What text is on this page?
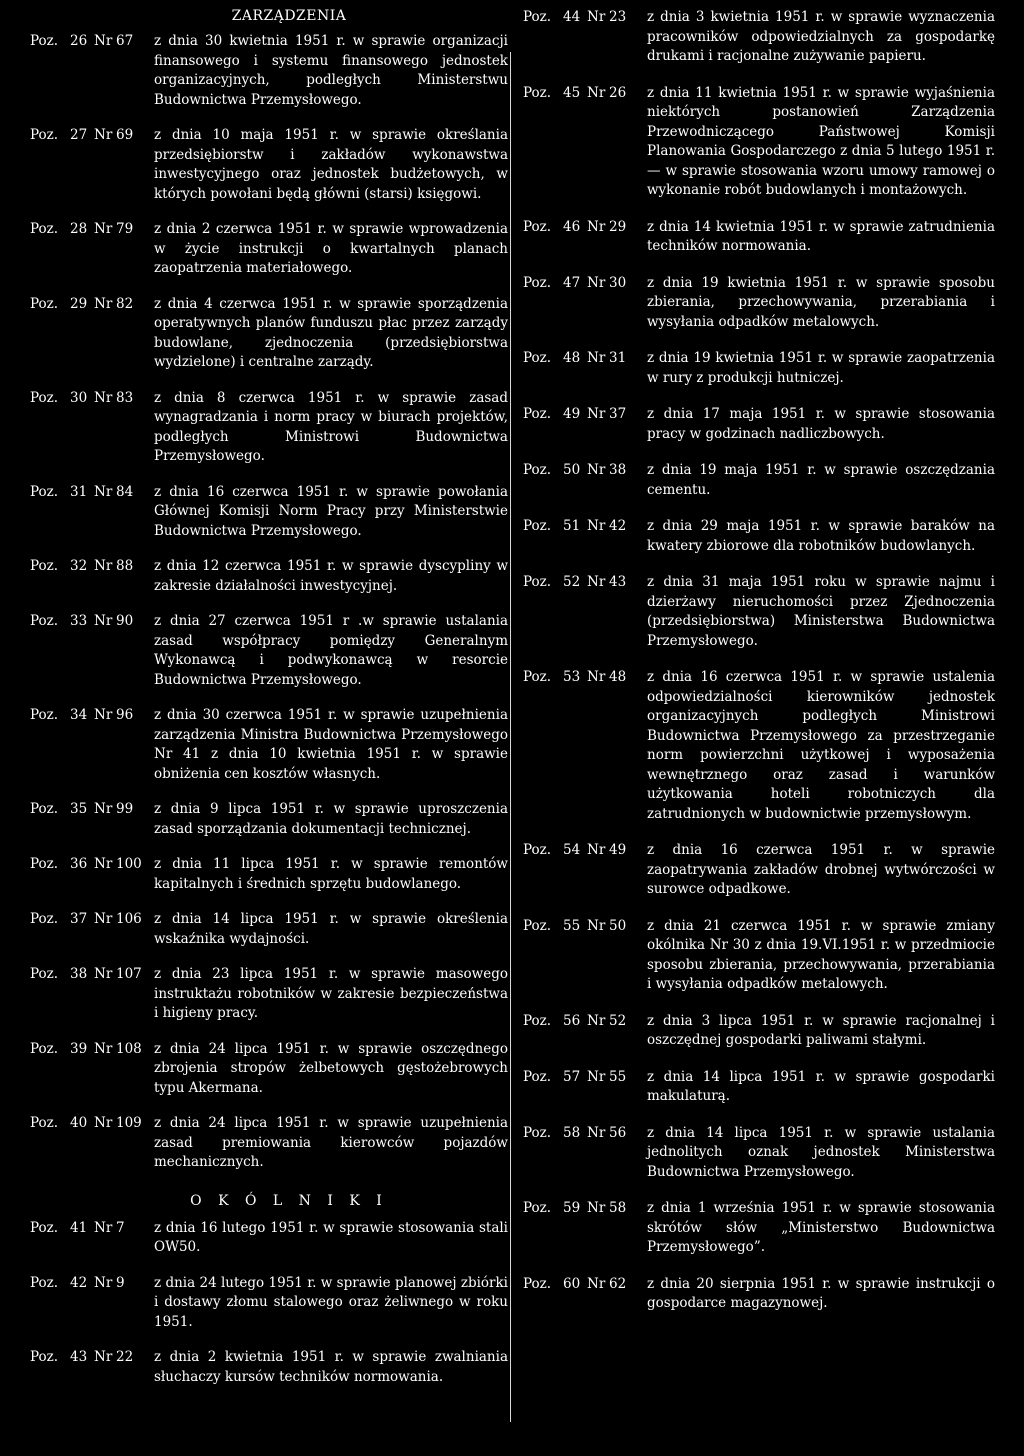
ZARZĄDZENIA
Poz. 26 Nr 67	z dnia 30 kwietnia 1951 r. w sprawie organizacji finansowego i systemu finansowego jednostek organizacyjnych, podległych Ministerstwu Budownictwa Przemysłowego.
Poz. 27 Nr 69	z dnia 10 maja 1951 r. w sprawie określania przedsiębiorstw i zakładów wykonawstwa inwestycyjnego oraz jednostek budżetowych, w których powołani będą główni (starsi) księgowi.
Poz. 28 Nr 79	z dnia 2 czerwca 1951 r. w sprawie wprowadzenia w życie instrukcji o kwartalnych planach zaopatrzenia materiałowego.
Poz. 29 Nr 82	z dnia 4 czerwca 1951 r. w sprawie sporządzenia operatywnych planów funduszu płac przez zarządy budowlane, zjednoczenia (przedsiębiorstwa wydzielone) i centralne zarządy.
Poz. 30 Nr 83	z dnia 8 czerwca 1951 r. w sprawie zasad wynagradzania i norm pracy w biurach projektów, podległych Ministrowi Budownictwa Przemysłowego.
Poz. 31 Nr 84	z dnia 16 czerwca 1951 r. w sprawie powołania Głównej Komisji Norm Pracy przy Ministerstwie Budownictwa Przemysłowego.
Poz. 32 Nr 88	z dnia 12 czerwca 1951 r. w sprawie dyscypliny w zakresie działalności inwestycyjnej.
Poz. 33 Nr 90	z dnia 27 czerwca 1951 r .w sprawie ustalania zasad współpracy pomiędzy Generalnym Wykonawcą i podwykonawcą w resorcie Budownictwa Przemysłowego.
Poz. 34 Nr 96	z dnia 30 czerwca 1951 r. w sprawie uzupełnienia zarządzenia Ministra Budownictwa Przemysłowego Nr 41 z dnia 10 kwietnia 1951 r. w sprawie obniżenia cen kosztów własnych.
Poz. 35 Nr 99	z dnia 9 lipca 1951 r. w sprawie uproszczenia zasad sporządzania dokumentacji technicznej.
Poz. 36 Nr 100 z dnia 11 lipca 1951 r. w sprawie remontów kapitalnych i średnich sprzętu budowlanego.
Poz. 37 Nr 106 z dnia 14 lipca 1951 r. w sprawie określenia wskaźnika wydajności.
Poz. 38 Nr 107 z dnia 23 lipca 1951 r. w sprawie masowego instruktażu robotników w zakresie bezpieczeństwa i higieny pracy.
Poz. 39 Nr 108 z dnia 24 lipca 1951 r. w sprawie oszczędnego zbrojenia stropów żelbetowych gęstożebrowych typu Akermana.
Poz. 40 Nr 109 z dnia 24 lipca 1951 r. w sprawie uzupełnienia zasad premiowania kierowców pojazdów mechanicznych.
O K Ó L N I K I
Poz. 41 Nr 7	z dnia 16 lutego 1951 r. w sprawie stosowania stali OW50.
Poz. 42 Nr 9	z dnia 24 lutego 1951 r. w sprawie planowej zbiórki i dostawy złomu stalowego oraz żeliwnego w roku 1951.
Poz. 43 Nr 22	z dnia 2 kwietnia 1951 r. w sprawie zwalniania słuchaczy kursów techników normowania.
Poz. 44 Nr 23	z dnia 3 kwietnia 1951 r. w sprawie wyznaczenia pracowników odpowiedzialnych za gospodarkę drukami i racjonalne zużywanie papieru.
Poz. 45 Nr 26	z dnia 11 kwietnia 1951 r. w sprawie wyjaśnienia niektórych postanowień Zarządzenia Przewodniczącego Państwowej Komisji Planowania Gospodarczego z dnia 5 lutego 1951 r. — w sprawie stosowania wzoru umowy ramowej o wykonanie robót budowlanych i montażowych.
Poz. 46 Nr 29	z dnia 14 kwietnia 1951 r. w sprawie zatrudnienia techników normowania.
Poz. 47 Nr 30	z dnia 19 kwietnia 1951 r. w sprawie sposobu zbierania, przechowywania, przerabiania i wysyłania odpadków metalowych.
Poz. 48 Nr 31	z dnia 19 kwietnia 1951 r. w sprawie zaopatrzenia w rury z produkcji hutniczej.
Poz. 49 Nr 37	z dnia 17 maja 1951 r. w sprawie stosowania pracy w godzinach nadliczbowych.
Poz. 50 Nr 38	z dnia 19 maja 1951 r. w sprawie oszczędzania cementu.
Poz. 51 Nr 42	z dnia 29 maja 1951 r. w sprawie baraków na kwatery zbiorowe dla robotników budowlanych.
Poz. 52 Nr 43	z dnia 31 maja 1951 roku w sprawie najmu i dzierżawy nieruchomości przez Zjednoczenia (przedsiębiorstwa) Ministerstwa Budownictwa Przemysłowego.
Poz. 53 Nr 48	z dnia 16 czerwca 1951 r. w sprawie ustalenia odpowiedzialności kierowników jednostek organizacyjnych podległych Ministrowi Budownictwa Przemysłowego za przestrzeganie norm powierzchni użytkowej i wyposażenia wewnętrznego oraz zasad i warunków użytkowania hoteli robotniczych dla zatrudnionych w budownictwie przemysłowym.
Poz. 54 Nr 49	z dnia 16 czerwca 1951 r. w sprawie zaopatrywania zakładów drobnej wytwórczości w surowce odpadkowe.
Poz. 55 Nr 50	z dnia 21 czerwca 1951 r. w sprawie zmiany okólnika Nr 30 z dnia 19.VI.1951 r. w przedmiocie sposobu zbierania, przechowywania, przerabiania i wysyłania odpadków metalowych.
Poz. 56 Nr 52	z dnia 3 lipca 1951 r. w sprawie racjonalnej i oszczędnej gospodarki paliwami stałymi.
Poz. 57 Nr 55	z dnia 14 lipca 1951 r. w sprawie gospodarki makulaturą.
Poz. 58 Nr 56	z dnia 14 lipca 1951 r. w sprawie ustalania jednolitych oznak jednostek Ministerstwa Budownictwa Przemysłowego.
Poz. 59 Nr 58	z dnia 1 września 1951 r. w sprawie stosowania skrótów słów „Ministerstwo Budownictwa Przemysłowego”.
Poz. 60 Nr 62	z dnia 20 sierpnia 1951 r. w sprawie instrukcji o gospodarce magazynowej.
